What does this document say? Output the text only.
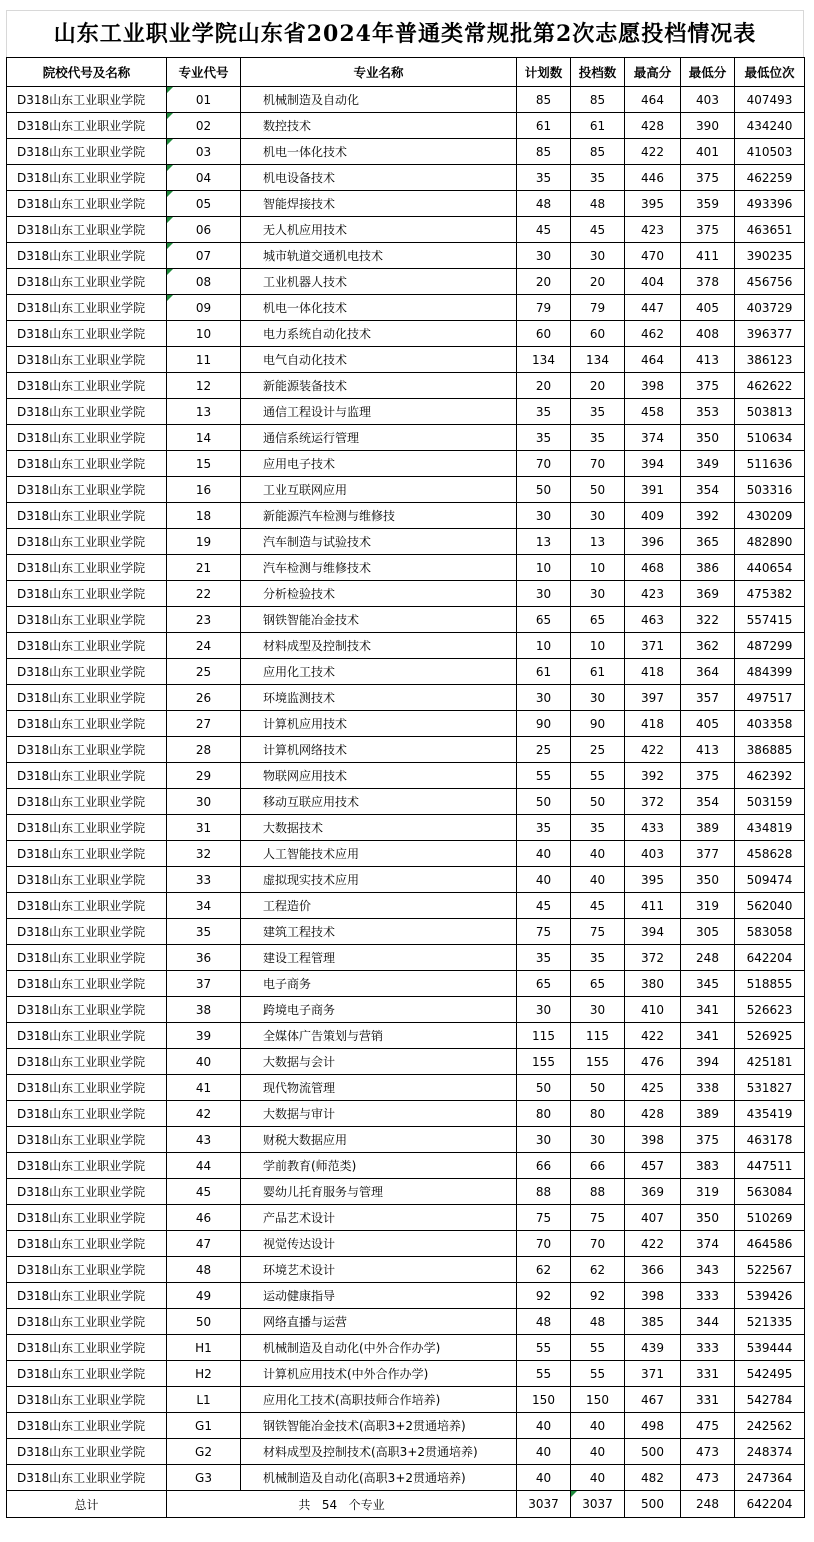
山东工业职业学院山东省2024年普通类常规批第2次志愿投档情况表
院校代号及名称	专业代号	专业名称	计划数	投档数	最高分	最低分	最低位次
D318山东工业职业学院	01	机械制造及自动化	85	85	464	403	407493
D318山东工业职业学院	02	数控技术	61	61	428	390	434240
D318山东工业职业学院	03	机电一体化技术	85	85	422	401	410503
D318山东工业职业学院	04	机电设备技术	35	35	446	375	462259
D318山东工业职业学院	05	智能焊接技术	48	48	395	359	493396
D318山东工业职业学院	06	无人机应用技术	45	45	423	375	463651
D318山东工业职业学院	07	城市轨道交通机电技术	30	30	470	411	390235
D318山东工业职业学院	08	工业机器人技术	20	20	404	378	456756
D318山东工业职业学院	09	机电一体化技术	79	79	447	405	403729
D318山东工业职业学院	10	电力系统自动化技术	60	60	462	408	396377
D318山东工业职业学院	11	电气自动化技术	134	134	464	413	386123
D318山东工业职业学院	12	新能源装备技术	20	20	398	375	462622
D318山东工业职业学院	13	通信工程设计与监理	35	35	458	353	503813
D318山东工业职业学院	14	通信系统运行管理	35	35	374	350	510634
D318山东工业职业学院	15	应用电子技术	70	70	394	349	511636
D318山东工业职业学院	16	工业互联网应用	50	50	391	354	503316
D318山东工业职业学院	18	新能源汽车检测与维修技	30	30	409	392	430209
D318山东工业职业学院	19	汽车制造与试验技术	13	13	396	365	482890
D318山东工业职业学院	21	汽车检测与维修技术	10	10	468	386	440654
D318山东工业职业学院	22	分析检验技术	30	30	423	369	475382
D318山东工业职业学院	23	钢铁智能冶金技术	65	65	463	322	557415
D318山东工业职业学院	24	材料成型及控制技术	10	10	371	362	487299
D318山东工业职业学院	25	应用化工技术	61	61	418	364	484399
D318山东工业职业学院	26	环境监测技术	30	30	397	357	497517
D318山东工业职业学院	27	计算机应用技术	90	90	418	405	403358
D318山东工业职业学院	28	计算机网络技术	25	25	422	413	386885
D318山东工业职业学院	29	物联网应用技术	55	55	392	375	462392
D318山东工业职业学院	30	移动互联应用技术	50	50	372	354	503159
D318山东工业职业学院	31	大数据技术	35	35	433	389	434819
D318山东工业职业学院	32	人工智能技术应用	40	40	403	377	458628
D318山东工业职业学院	33	虚拟现实技术应用	40	40	395	350	509474
D318山东工业职业学院	34	工程造价	45	45	411	319	562040
D318山东工业职业学院	35	建筑工程技术	75	75	394	305	583058
D318山东工业职业学院	36	建设工程管理	35	35	372	248	642204
D318山东工业职业学院	37	电子商务	65	65	380	345	518855
D318山东工业职业学院	38	跨境电子商务	30	30	410	341	526623
D318山东工业职业学院	39	全媒体广告策划与营销	115	115	422	341	526925
D318山东工业职业学院	40	大数据与会计	155	155	476	394	425181
D318山东工业职业学院	41	现代物流管理	50	50	425	338	531827
D318山东工业职业学院	42	大数据与审计	80	80	428	389	435419
D318山东工业职业学院	43	财税大数据应用	30	30	398	375	463178
D318山东工业职业学院	44	学前教育(师范类)	66	66	457	383	447511
D318山东工业职业学院	45	婴幼儿托育服务与管理	88	88	369	319	563084
D318山东工业职业学院	46	产品艺术设计	75	75	407	350	510269
D318山东工业职业学院	47	视觉传达设计	70	70	422	374	464586
D318山东工业职业学院	48	环境艺术设计	62	62	366	343	522567
D318山东工业职业学院	49	运动健康指导	92	92	398	333	539426
D318山东工业职业学院	50	网络直播与运营	48	48	385	344	521335
D318山东工业职业学院	H1	机械制造及自动化(中外合作办学)	55	55	439	333	539444
D318山东工业职业学院	H2	计算机应用技术(中外合作办学)	55	55	371	331	542495
D318山东工业职业学院	L1	应用化工技术(高职技师合作培养)	150	150	467	331	542784
D318山东工业职业学院	G1	钢铁智能冶金技术(高职3+2贯通培养)	40	40	498	475	242562
D318山东工业职业学院	G2	材料成型及控制技术(高职3+2贯通培养)	40	40	500	473	248374
D318山东工业职业学院	G3	机械制造及自动化(高职3+2贯通培养)	40	40	482	473	247364
总计	共 54 个专业		3037	3037	500	248	642204
